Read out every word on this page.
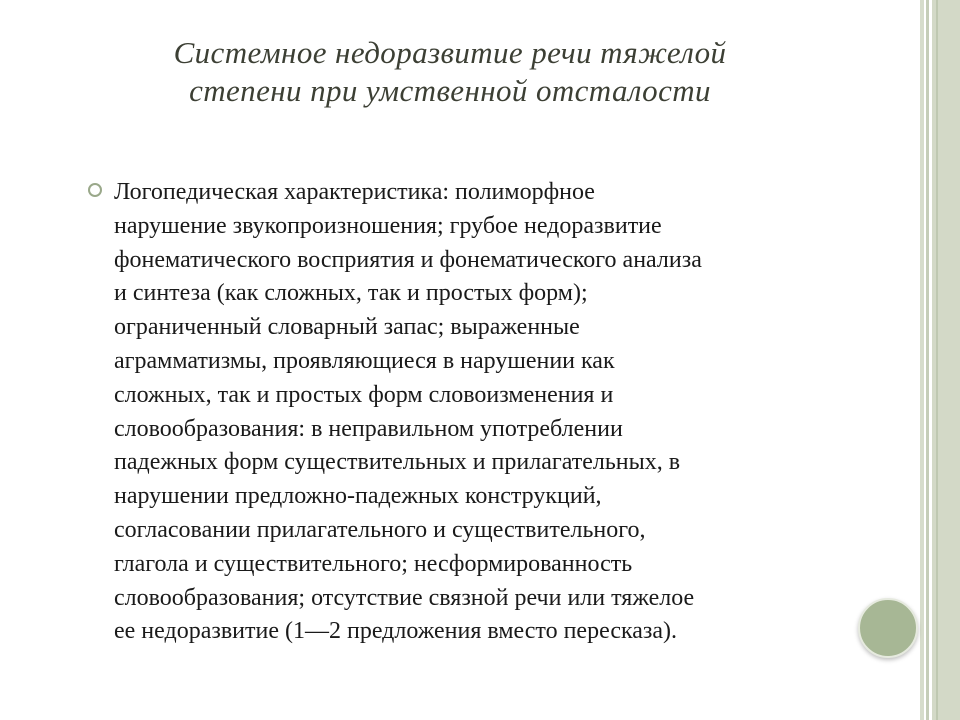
Системное недоразвитие речи тяжелой
степени при умственной отсталости
Логопедическая характеристика: полиморфное
нарушение звукопроизношения; грубое недоразвитие
фонематического восприятия и фонематического анализа
и синтеза (как сложных, так и простых форм);
ограниченный словарный запас; выраженные
аграмматизмы, проявляющиеся в нарушении как
сложных, так и простых форм словоизменения и
словообразования: в неправильном употреблении
падежных форм существительных и прилагательных, в
нарушении предложно-падежных конструкций,
согласовании прилагательного и существительного,
глагола и существительного; несформированность
словообразования; отсутствие связной речи или тяжелое
ее недоразвитие (1—2 предложения вместо пересказа).
